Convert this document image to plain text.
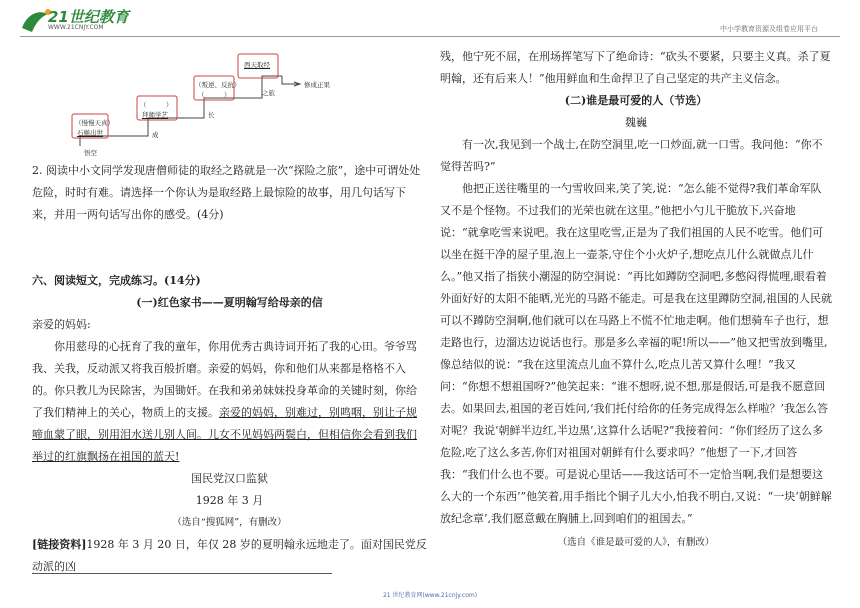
21世纪教育
WWW.21CNJY.COM	中小学教育资源及组卷应用平台
（慢慢天真）
石猴出世
（　　　）
拜师学艺
（叛逆、反抗）
（　　　）
西天取经
修成正果
悟空
成
长
之旅

2. 阅读中小文同学发现唐僧师徒的取经之路就是一次“探险之旅”，途中可谓处处危险，时时有难。请选择一个你认为是取经路上最惊险的故事，用几句话写下来，并用一两句话写出你的感受。(4分)

六、阅读短文，完成练习。(14分)

(一)红色家书——夏明翰写给母亲的信

亲爱的妈妈:

你用慈母的心抚育了我的童年，你用优秀古典诗词开拓了我的心田。爷爷骂我、关我，反动派又将我百般折磨。亲爱的妈妈，你和他们从来都是格格不入的。你只教儿为民除害，为国锄奸。在我和弟弟妹妹投身革命的关键时刻，你给了我们精神上的关心，物质上的支援。亲爱的妈妈，别难过，别鸣咽，别让子规啼血蒙了眼，别用泪水送儿别人间。儿女不见妈妈两鬓白，但相信你会看到我们举过的红旗飘扬在祖国的蓝天!

国民党汉口监狱

1928 年 3 月

（选自“搜狐网”，有删改）

[链接资料]1928 年 3 月 20 日，年仅 28 岁的夏明翰永远地走了。面对国民党反动派的凶

残，他宁死不屈，在刑场挥笔写下了绝命诗：“砍头不要紧，只要主义真。杀了夏明翰，还有后来人！”他用鲜血和生命捍卫了自己坚定的共产主义信念。

(二)谁是最可爱的人（节选）

魏巍

有一次,我见到一个战士,在防空洞里,吃一口炒面,就一口雪。我问他：“你不觉得苦吗?”

他把正送往嘴里的一勺雪收回来,笑了笑,说：“怎么能不觉得?我们革命军队又不是个怪物。不过我们的光荣也就在这里。”他把小勺儿干脆放下,兴奋地说：“就拿吃雪来说吧。我在这里吃雪,正是为了我们祖国的人民不吃雪。他们可以坐在挺干净的屋子里,泡上一壶茶,守住个小火炉子,想吃点儿什么就做点儿什么。”他又指了指狭小潮湿的防空洞说：“再比如蹲防空洞吧,多憋闷得慌哩,眼看着外面好好的太阳不能晒,光光的马路不能走。可是我在这里蹲防空洞,祖国的人民就可以不蹲防空洞啊,他们就可以在马路上不慌不忙地走啊。他们想骑车子也行，想走路也行，边溜达边说话也行。那是多么幸福的呢!所以——”他又把雪放到嘴里,像总结似的说：“我在这里流点儿血不算什么,吃点儿苦又算什么哩！”我又问：“你想不想祖国呀?”他笑起来：“谁不想呀,说不想,那是假话,可是我不愿意回去。如果回去,祖国的老百姓问,‘我们托付给你的任务完成得怎么样啦？’我怎么答对呢？我说‘朝鲜半边红,半边黑’,这算什么话呢?”我接着问：“你们经历了这么多危险,吃了这么多苦,你们对祖国对朝鲜有什么要求吗？”他想了一下,才回答我：“我们什么也不要。可是说心里话——我这话可不一定恰当啊,我们是想要这么大的一个东西’”他笑着,用手指比个铜子儿大小,怕我不明白,又说：“一块‘朝鲜解放纪念章’,我们愿意戴在胸脯上,回到咱们的祖国去。”

（选自《谁是最可爱的人》，有删改）

21 世纪教育网(www.21cnjy.com)
